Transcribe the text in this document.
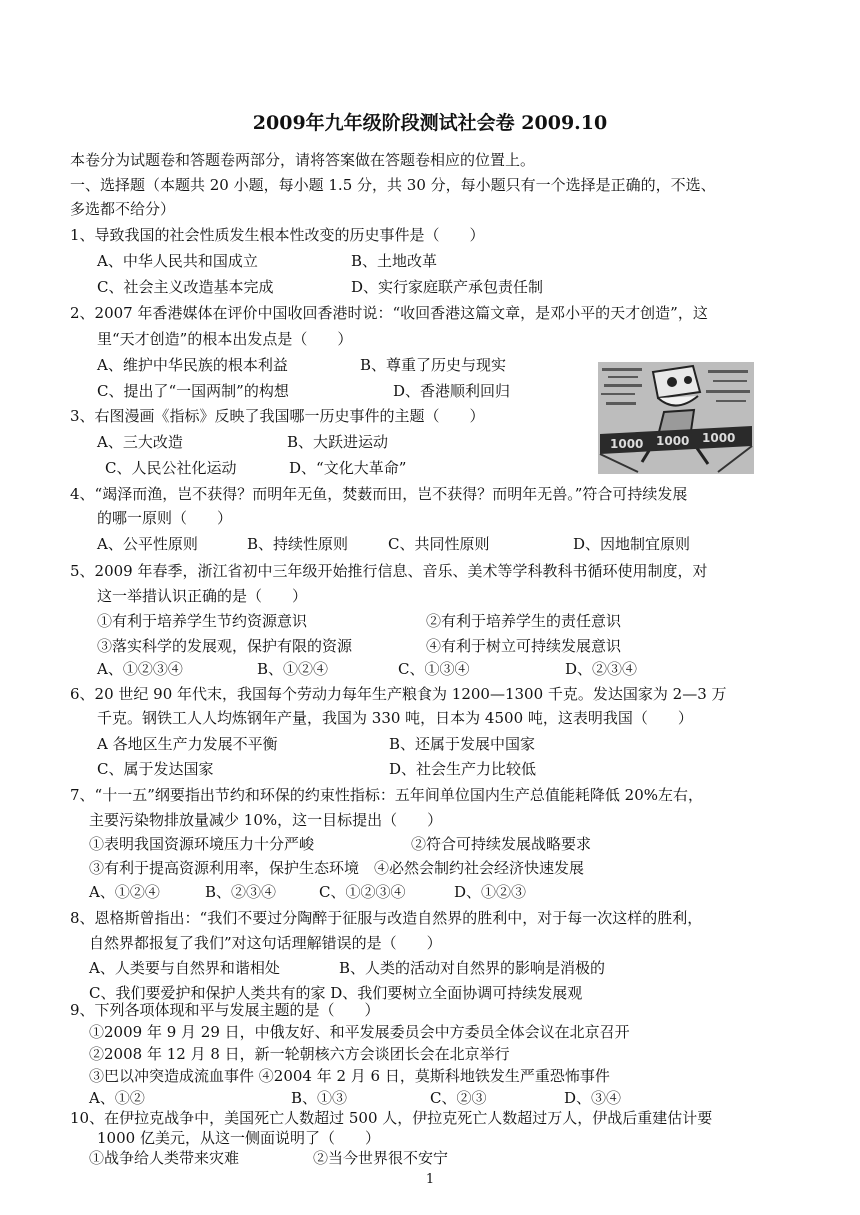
2009年九年级阶段测试社会卷 2009.10
本卷分为试题卷和答题卷两部分，请将答案做在答题卷相应的位置上。
一、选择题（本题共 20 小题，每小题 1.5 分，共 30 分，每小题只有一个选择是正确的，不选、
多选都不给分）
1、导致我国的社会性质发生根本性改变的历史事件是（　　）
A、中华人民共和国成立	B、土地改革
C、社会主义改造基本完成	D、实行家庭联产承包责任制
2、2007 年香港媒体在评价中国收回香港时说：“收回香港这篇文章，是邓小平的天才创造”，这
里“天才创造”的根本出发点是（　　）
A、维护中华民族的根本利益	B、尊重了历史与现实
C、提出了“一国两制”的构想	D、香港顺利回归
1000 1000 1000
3、右图漫画《指标》反映了我国哪一历史事件的主题（　　）
A、三大改造	B、大跃进运动
C、人民公社化运动	D、“文化大革命”
4、“竭泽而渔，岂不获得？而明年无鱼，焚薮而田，岂不获得？而明年无兽。”符合可持续发展
的哪一原则（　　）
A、公平性原则	B、持续性原则	C、共同性原则	D、因地制宜原则
5、2009 年春季，浙江省初中三年级开始推行信息、音乐、美术等学科教科书循环使用制度，对
这一举措认识正确的是（　　）
①有利于培养学生节约资源意识	②有利于培养学生的责任意识
③落实科学的发展观，保护有限的资源	④有利于树立可持续发展意识
A、①②③④	B、①②④	C、①③④	D、②③④
6、20 世纪 90 年代末，我国每个劳动力每年生产粮食为 1200—1300 千克。发达国家为 2—3 万
千克。钢铁工人人均炼钢年产量，我国为 330 吨，日本为 4500 吨，这表明我国（　　）
A 各地区生产力发展不平衡	B、还属于发展中国家
C、属于发达国家	D、社会生产力比较低
7、“十一五”纲要指出节约和环保的约束性指标：五年间单位国内生产总值能耗降低 20%左右，
主要污染物排放量减少 10%，这一目标提出（　　）
①表明我国资源环境压力十分严峻	②符合可持续发展战略要求
③有利于提高资源利用率，保护生态环境　④必然会制约社会经济快速发展
A、①②④	B、②③④	C、①②③④	D、①②③
8、恩格斯曾指出：“我们不要过分陶醉于征服与改造自然界的胜利中，对于每一次这样的胜利，
自然界都报复了我们”对这句话理解错误的是（　　）
A、人类要与自然界和谐相处	B、人类的活动对自然界的影响是消极的
C、我们要爱护和保护人类共有的家 D、我们要树立全面协调可持续发展观
9、下列各项体现和平与发展主题的是（　　）
①2009 年 9 月 29 日，中俄友好、和平发展委员会中方委员全体会议在北京召开
②2008 年 12 月 8 日，新一轮朝核六方会谈团长会在北京举行
③巴以冲突造成流血事件 ④2004 年 2 月 6 日，莫斯科地铁发生严重恐怖事件
A、①②	B、①③	C、②③	D、③④
10、在伊拉克战争中，美国死亡人数超过 500 人，伊拉克死亡人数超过万人，伊战后重建估计要
1000 亿美元，从这一侧面说明了（　　）
1
①战争给人类带来灾难	②当今世界很不安宁
